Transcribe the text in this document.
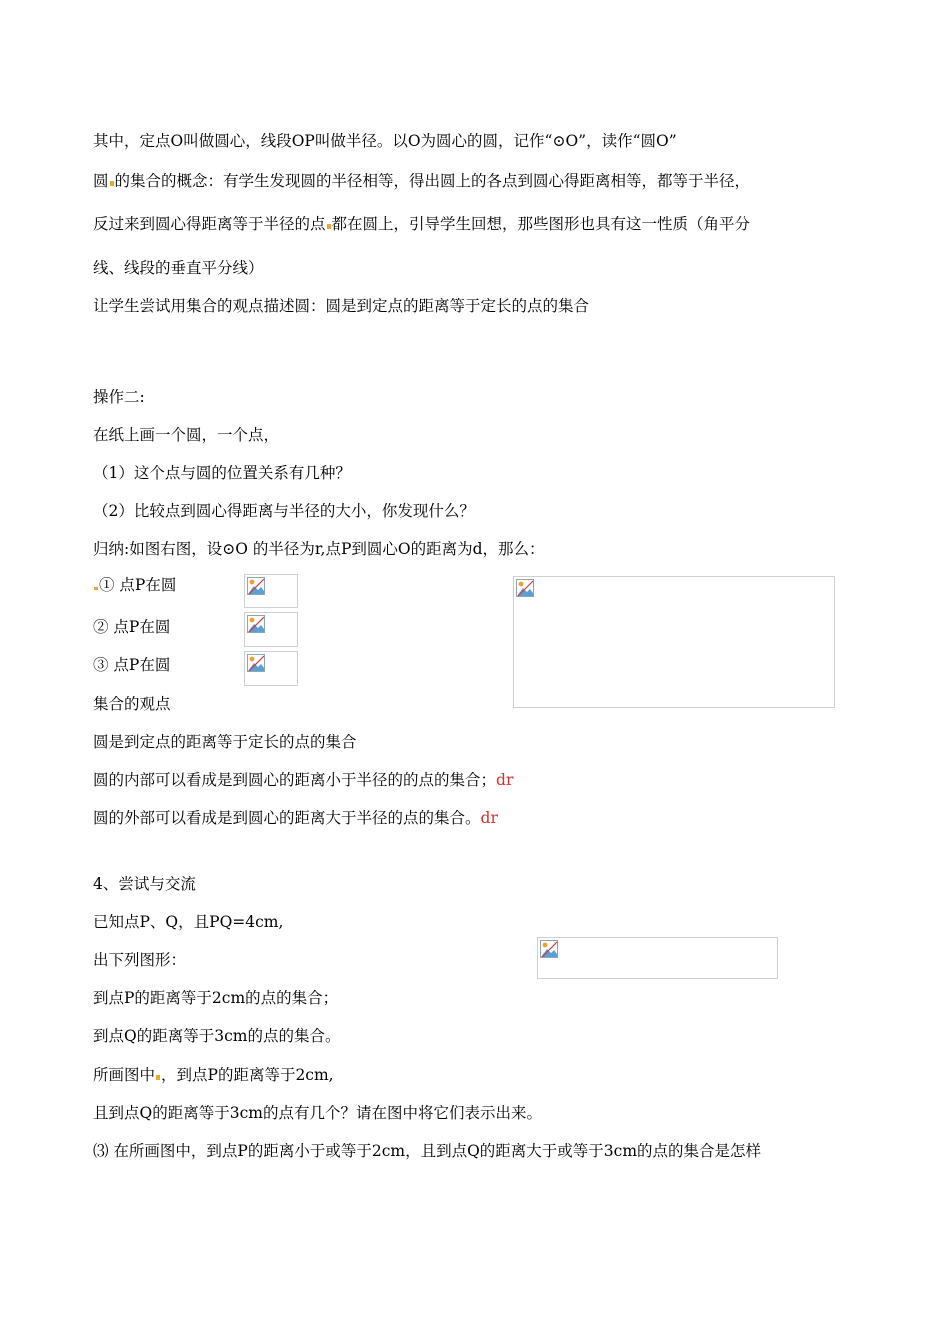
其中，定点O叫做圆心，线段OP叫做半径。以O为圆心的圆，记作“⊙O”，读作“圆O”
圆 的集合的概念：有学生发现圆的半径相等，得出圆上的各点到圆心得距离相等，都等于半径，
反过来到圆心得距离等于半径的点 都在圆上，引导学生回想，那些图形也具有这一性质（角平分
线、线段的垂直平分线）
让学生尝试用集合的观点描述圆：圆是到定点的距离等于定长的点的集合
操作二:
在纸上画一个圆，一个点，
（1）这个点与圆的位置关系有几种？
（2）比较点到圆心得距离与半径的大小，你发现什么？
归纳:如图右图，设⊙O 的半径为r,点P到圆心O的距离为d，那么：
① 点P在圆
② 点P在圆
③ 点P在圆
集合的观点
圆是到定点的距离等于定长的点的集合
圆的内部可以看成是到圆心的距离小于半径的的点的集合；dr
圆的外部可以看成是到圆心的距离大于半径的点的集合。dr
4、尝试与交流
已知点P、Q，且PQ=4cm,
出下列图形：
到点P的距离等于2cm的点的集合；
到点Q的距离等于3cm的点的集合。
所画图中 ，到点P的距离等于2cm,
且到点Q的距离等于3cm的点有几个？请在图中将它们表示出来。
⑶ 在所画图中，到点P的距离小于或等于2cm，且到点Q的距离大于或等于3cm的点的集合是怎样
